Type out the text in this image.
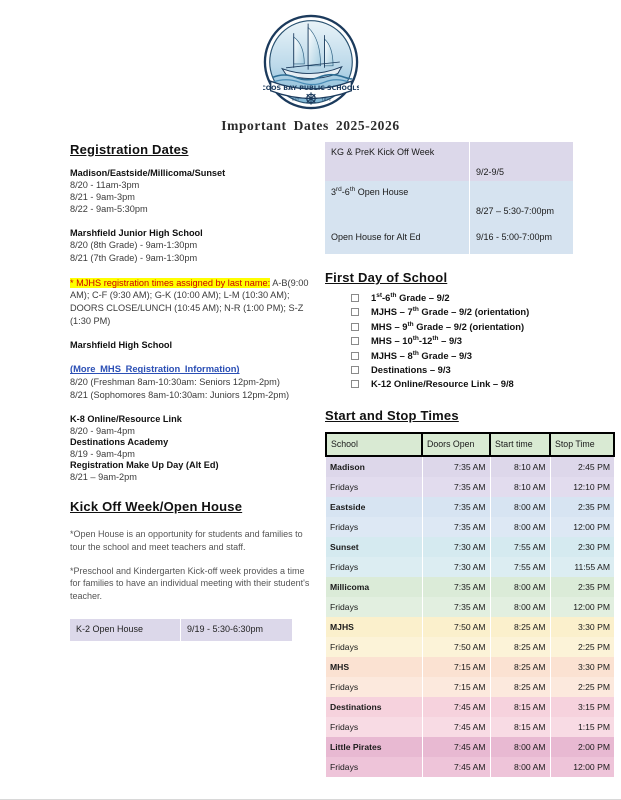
COOS BAY PUBLIC SCHOOLS
EST	1892
Important Dates 2025-2026
Registration Dates

Madison/Eastside/Millicoma/Sunset

8/20 - 11am-3pm

8/21 - 9am-3pm

8/22 - 9am-5:30pm

Marshfield Junior High School

8/20 (8th Grade) - 9am-1:30pm

8/21 (7th Grade) - 9am-1:30pm

* MJHS registration times assigned by last name: A-B(9:00 AM); C-F (9:30 AM); G-K (10:00 AM); L-M (10:30 AM); DOORS CLOSE/LUNCH (10:45 AM); N-R (1:00 PM); S-Z (1:30 PM)

Marshfield High School

(More MHS Registration Information)

8/20 (Freshman 8am-10:30am: Seniors 12pm-2pm)

8/21 (Sophomores 8am-10:30am: Juniors 12pm-2pm)

K-8 Online/Resource Link

8/20 - 9am-4pm

Destinations Academy

8/19 - 9am-4pm

Registration Make Up Day (Alt Ed)

8/21 – 9am-2pm

Kick Off Week/Open House

*Open House is an opportunity for students and families to tour the school and meet teachers and staff.

*Preschool and Kindergarten Kick-off week provides a time for families to have an individual meeting with their student's teacher.

K-2 Open House	9/19 - 5:30-6:30pm
KG & PreK Kick Off Week	9/2-9/5
3rd-6th Open House	8/27 – 5:30-7:00pm
Open House for Alt Ed	9/16 - 5:00-7:00pm
First Day of School
1st-6th Grade – 9/2
MJHS – 7th Grade – 9/2 (orientation)
MHS – 9th Grade – 9/2 (orientation)
MHS – 10th-12th – 9/3
MJHS – 8th Grade – 9/3
Destinations – 9/3
K-12 Online/Resource Link – 9/8
Start and Stop Times
School	Doors Open	Start time	Stop Time
Madison	7:35 AM	8:10 AM	2:45 PM
Fridays	7:35 AM	8:10 AM	12:10 PM
Eastside	7:35 AM	8:00 AM	2:35 PM
Fridays	7:35 AM	8:00 AM	12:00 PM
Sunset	7:30 AM	7:55 AM	2:30 PM
Fridays	7:30 AM	7:55 AM	11:55 AM
Millicoma	7:35 AM	8:00 AM	2:35 PM
Fridays	7:35 AM	8:00 AM	12:00 PM
MJHS	7:50 AM	8:25 AM	3:30 PM
Fridays	7:50 AM	8:25 AM	2:25 PM
MHS	7:15 AM	8:25 AM	3:30 PM
Fridays	7:15 AM	8:25 AM	2:25 PM
Destinations	7:45 AM	8:15 AM	3:15 PM
Fridays	7:45 AM	8:15 AM	1:15 PM
Little Pirates	7:45 AM	8:00 AM	2:00 PM
Fridays	7:45 AM	8:00 AM	12:00 PM
